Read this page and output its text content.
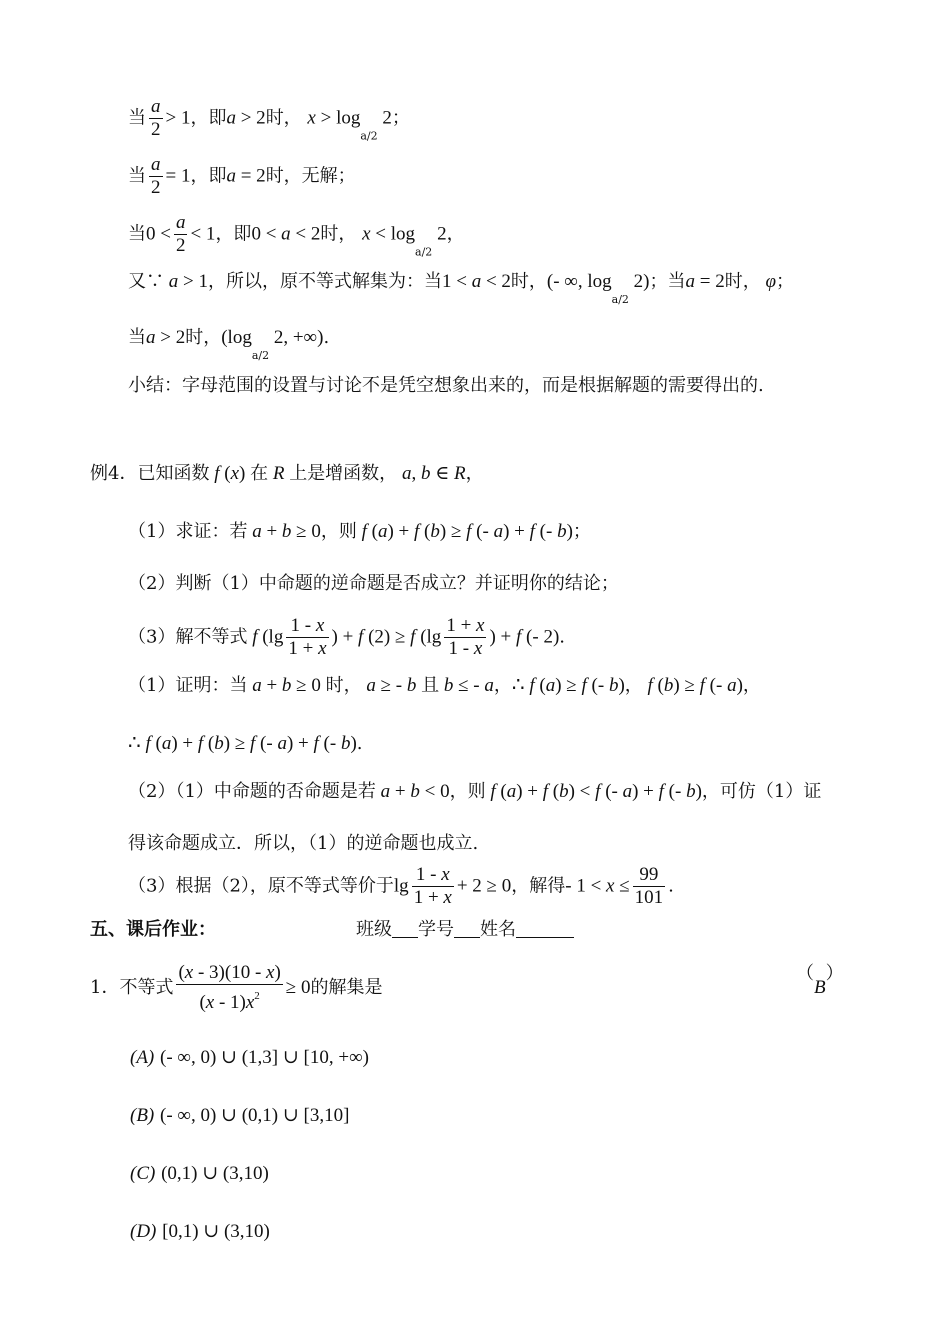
当 $\frac{a}{2} > 1$，即a > 2时， $x > \log_{a/2} 2$；
当 $\frac{a}{2} = 1$，即a = 2时，无解；
当$0 < \frac{a}{2} < 1$，即0 < a < 2时， $x < \log_{a/2} 2$，
又∵ a > 1，所以，原不等式解集为：当1 < a < 2时，(- ∞, $\log_{a/2} 2$)；当a = 2时， φ；
当a > 2时，($\log_{a/2}$ 2, +∞).
小结：字母范围的设置与讨论不是凭空想象出来的，而是根据解题的需要得出的.
例4．已知函数 f (x) 在 R 上是增函数， a, b ∈ R，
（1）求证：若 a + b ≥ 0，则 f (a) + f (b) ≥ f (- a) + f (- b)；
（2）判断（1）中命题的逆命题是否成立？并证明你的结论；
（3）解不等式 f ($\lg \frac{1 - x}{1 + x}$ ) + f (2) ≥ f ($\lg \frac{1 + x}{1 - x}$ ) + f (- 2).
（1）证明：当 a + b ≥ 0 时， a ≥ - b 且 b ≤ - a，∴ f (a) ≥ f (- b)， f (b) ≥ f (- a)，
∴ f (a) + f (b) ≥ f (- a) + f (- b).
（2）（1）中命题的否命题是若 a + b < 0，则 f (a) + f (b) < f (- a) + f (- b)，可仿（1）证
得该命题成立．所以，（1）的逆命题也成立.
（3）根据（2），原不等式等价于$\lg \frac{1 - x}{1 + x} + 2 \ge 0$，解得- $1 < x \le \frac{99}{101}$ .
五、课后作业：	班级 学号 姓名
1．不等式 $\frac{(x - 3)(10 - x)}{(x - 1)x^2} \ge 0$的解集是
（B）
(A) (- ∞, 0) ∪ (1,3] ∪ [10, +∞)
(B) (- ∞, 0) ∪ (0,1) ∪ [3,10]
(C) (0,1) ∪ (3,10)
(D) [0,1) ∪ (3,10)
